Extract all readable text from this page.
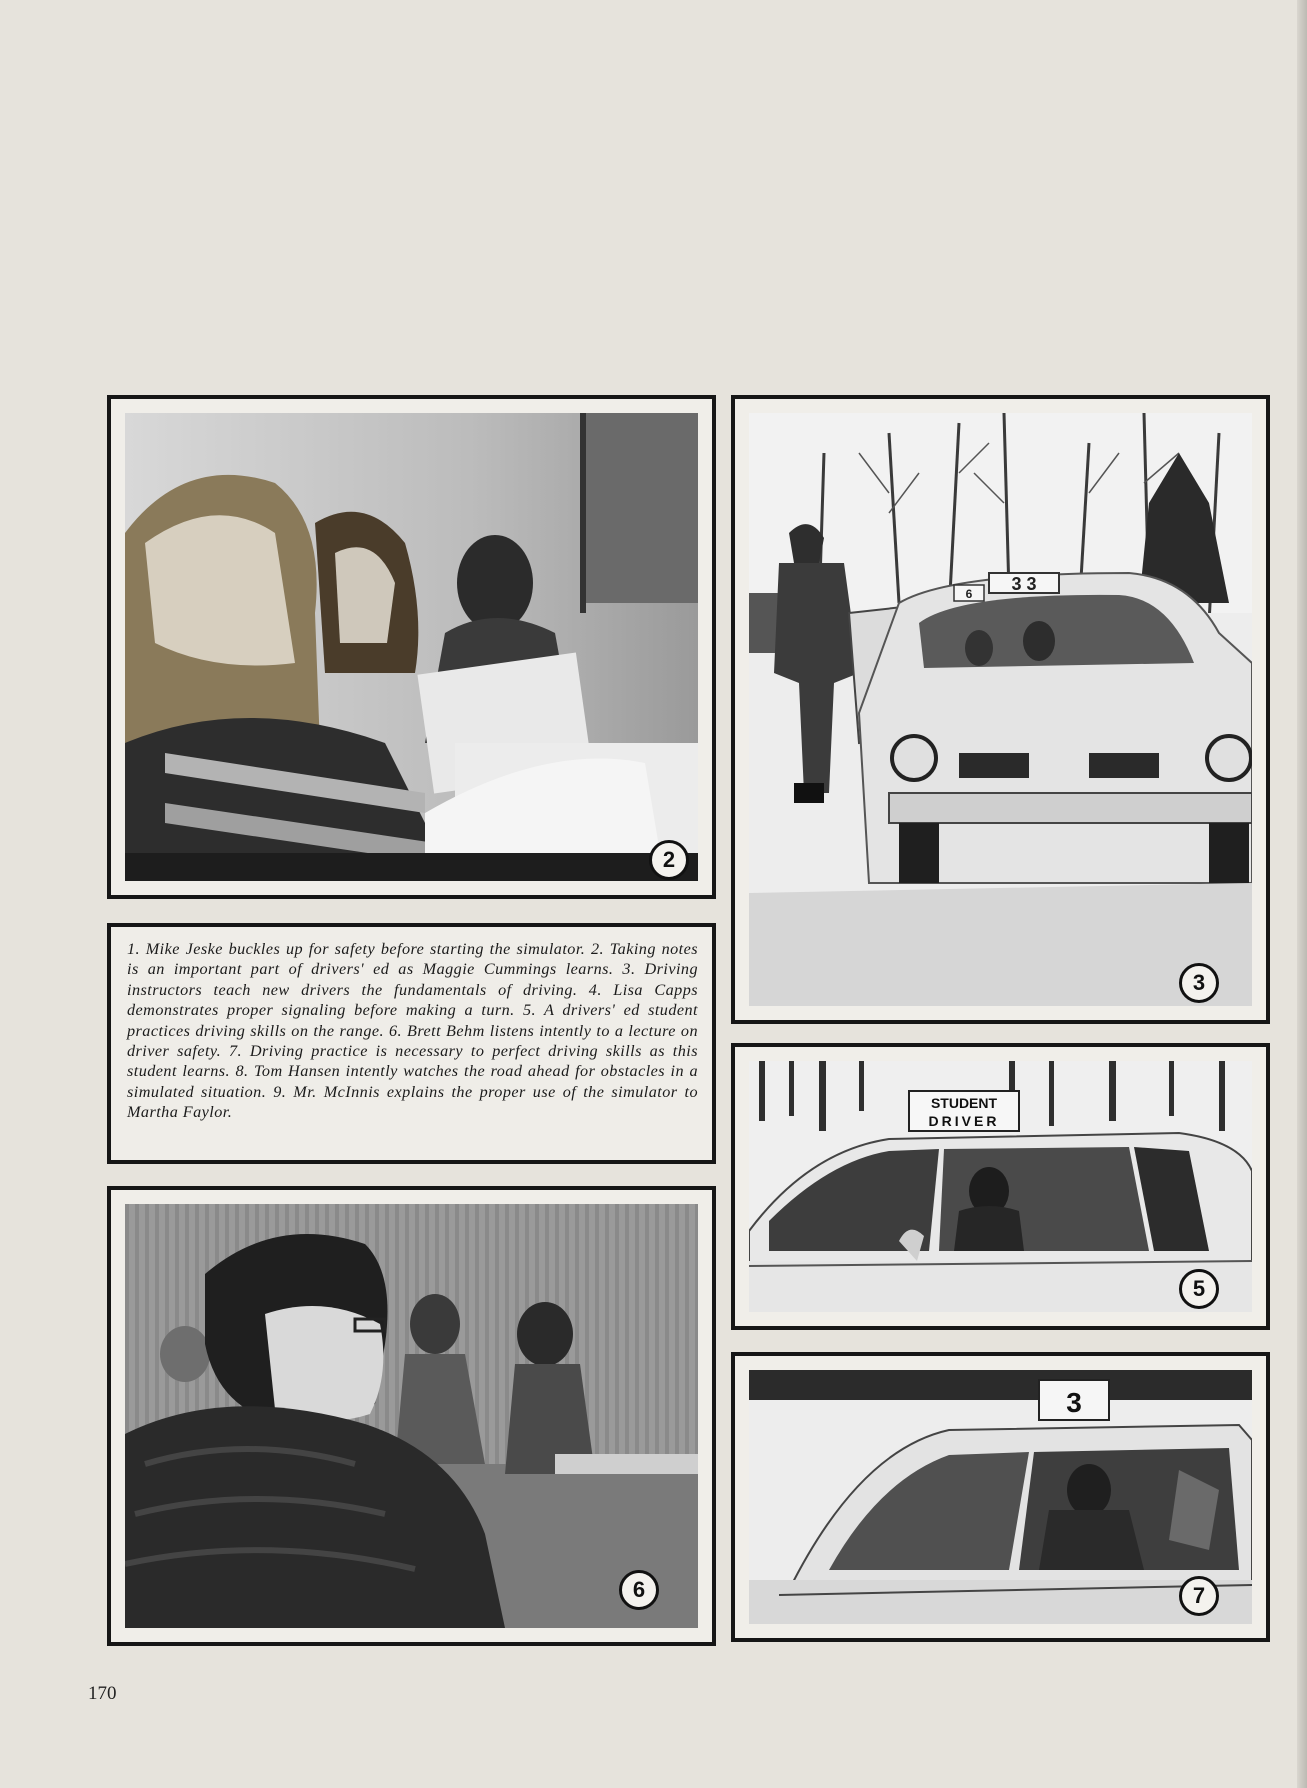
2
3 3
6
3

1. Mike Jeske buckles up for safety before starting the simulator. 2. Taking notes is an important part of drivers' ed as Maggie Cummings learns. 3. Driving instructors teach new drivers the fundamentals of driving. 4. Lisa Capps demonstrates proper signaling before making a turn. 5. A drivers' ed student practices driving skills on the range. 6. Brett Behm listens intently to a lecture on driver safety. 7. Driving practice is necessary to perfect driving skills as this student learns. 8. Tom Hansen intently watches the road ahead for obstacles in a simulated situation. 9. Mr. McInnis explains the proper use of the simulator to Martha Faylor.

STUDENT
DRIVER
5
6
3
7
170
